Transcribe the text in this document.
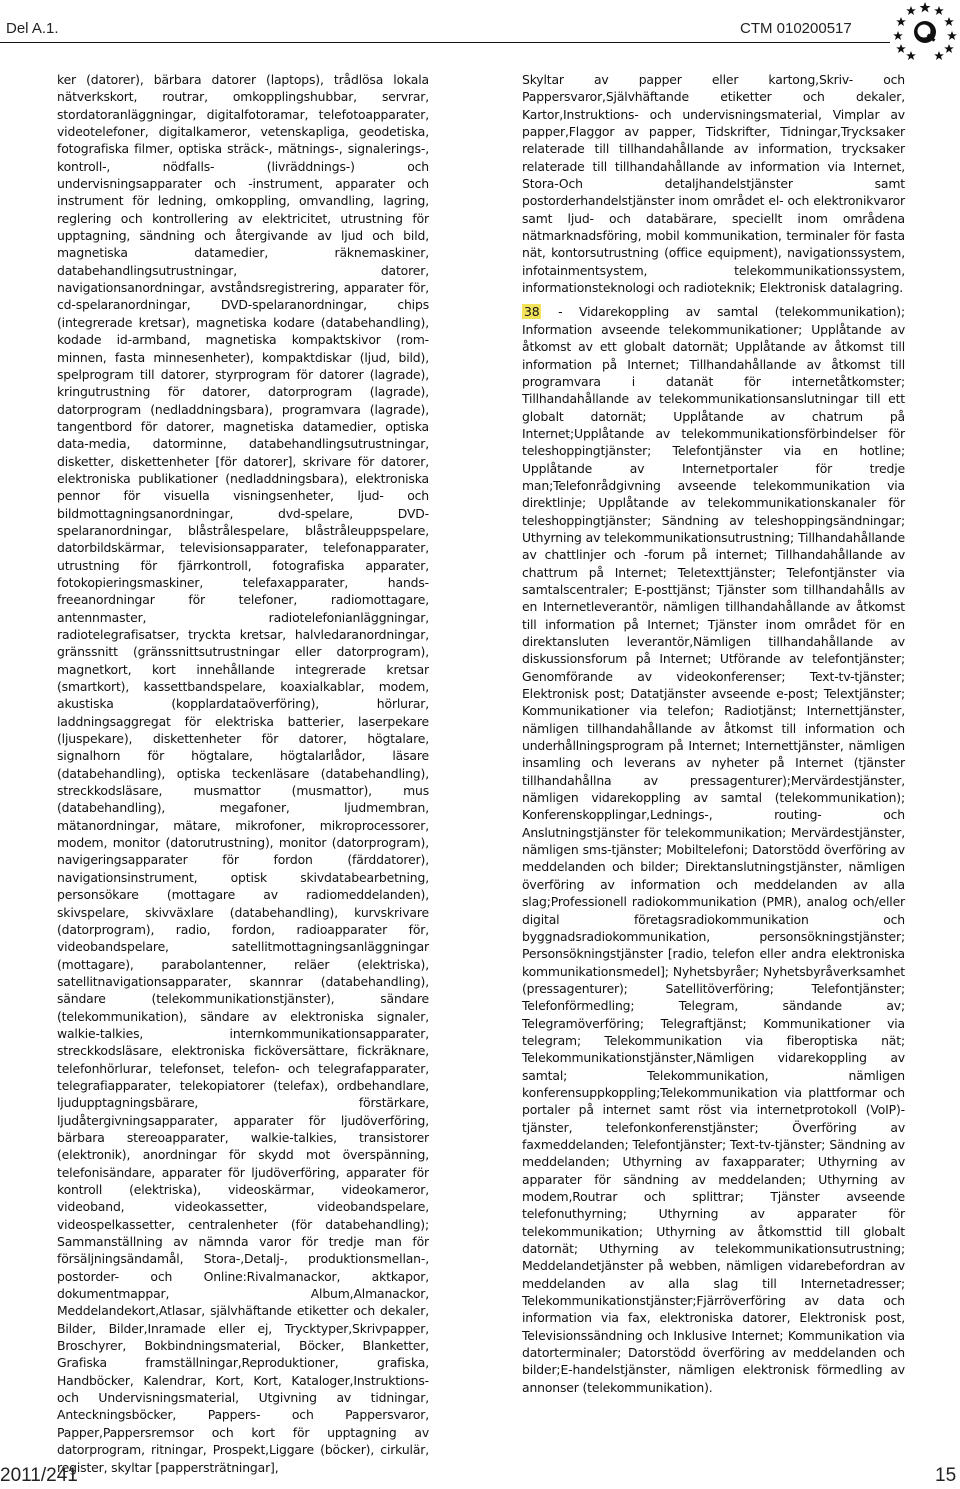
Del A.1.	CTM 010200517

ker (datorer), bärbara datorer (laptops), trådlösa lokala nätverkskort, routrar, omkopplingshubbar, servrar, stordatoranläggningar, digitalfotoramar, telefotoapparater, videotelefoner, digitalkameror, vetenskapliga, geodetiska, fotografiska filmer, optiska sträck-, mätnings-, signalerings-, kontroll-, nödfalls- (livräddnings-) och undervisningsapparater och -instrument, apparater och instrument för ledning, omkoppling, omvandling, lagring, reglering och kontrollering av elektricitet, utrustning för upptagning, sändning och återgivande av ljud och bild, magnetiska datamedier, räknemaskiner, databehandlingsutrustningar, datorer, navigationsanordningar, avståndsregistrering, apparater för, cd-spelaranordningar, DVD-spelaranordningar, chips (integrerade kretsar), magnetiska kodare (databehandling), kodade id-armband, magnetiska kompaktskivor (rom-minnen, fasta minnesenheter), kompaktdiskar (ljud, bild), spelprogram till datorer, styrprogram för datorer (lagrade), kringutrustning för datorer, datorprogram (lagrade), datorprogram (nedladdningsbara), programvara (lagrade), tangentbord för datorer, magnetiska datamedier, optiska data-media, datorminne, databehandlingsutrustningar, disketter, diskettenheter [för datorer], skrivare för datorer, elektroniska publikationer (nedladdningsbara), elektroniska pennor för visuella visningsenheter, ljud- och bildmottagningsanordningar, dvd-spelare, DVD-spelaranordningar, blåstrålespelare, blåstråleuppspelare, datorbildskärmar, televisionsapparater, telefonapparater, utrustning för fjärrkontroll, fotografiska apparater, fotokopieringsmaskiner, telefaxapparater, hands-freeanordningar för telefoner, radiomottagare, antennmaster, radiotelefonianläggningar, radiotelegrafisatser, tryckta kretsar, halvledaranordningar, gränssnitt (gränssnittsutrustningar eller datorprogram), magnetkort, kort innehållande integrerade kretsar (smartkort), kassettbandspelare, koaxialkablar, modem, akustiska (kopplardataöverföring), hörlurar, laddningsaggregat för elektriska batterier, laserpekare (ljuspekare), diskettenheter för datorer, högtalare, signalhorn för högtalare, högtalarlådor, läsare (databehandling), optiska teckenläsare (databehandling), streckkodsläsare, musmattor (musmattor), mus (databehandling), megafoner, ljudmembran, mätanordningar, mätare, mikrofoner, mikroprocessorer, modem, monitor (datorutrustning), monitor (datorprogram), navigeringsapparater för fordon (färddatorer), navigationsinstrument, optisk skivdatabearbetning, personsökare (mottagare av radiomeddelanden), skivspelare, skivväxlare (databehandling), kurvskrivare (datorprogram), radio, fordon, radioapparater för, videobandspelare, satellitmottagningsanläggningar (mottagare), parabolantenner, reläer (elektriska), satellitnavigationsapparater, skannrar (databehandling), sändare (telekommunikationstjänster), sändare (telekommunikation), sändare av elektroniska signaler, walkie-talkies, internkommunikationsapparater, streckkodsläsare, elektroniska ficköversättare, fickräknare, telefonhörlurar, telefonset, telefon- och telegrafapparater, telegrafiapparater, telekopiatorer (telefax), ordbehandlare, ljudupptagningsbärare, förstärkare, ljudåtergivningsapparater, apparater för ljudöverföring, bärbara stereoapparater, walkie-talkies, transistorer (elektronik), anordningar för skydd mot överspänning, telefonisändare, apparater för ljudöverföring, apparater för kontroll (elektriska), videoskärmar, videokameror, videoband, videokassetter, videobandspelare, videospelkassetter, centralenheter (för databehandling); Sammanställning av nämnda varor för tredje man för försäljningsändamål, Stora-,Detalj-, produktionsmellan-, postorder- och Online:Rivalmanackor, aktkapor, dokumentmappar, Album,Almanackor, Meddelandekort,Atlasar, självhäftande etiketter och dekaler, Bilder, Bilder,Inramade eller ej, Trycktyper,Skrivpapper, Broschyrer, Bokbindningsmaterial, Böcker, Blanketter, Grafiska framställningar,Reproduktioner, grafiska, Handböcker, Kalendrar, Kort, Kort, Kataloger,Instruktions- och Undervisningsmaterial, Utgivning av tidningar, Anteckningsböcker, Pappers- och Pappersvaror, Papper,Pappersremsor och kort för upptagning av datorprogram, ritningar, Prospekt,Liggare (böcker), cirkulär, register, skyltar [pappersträtningar],

Skyltar av papper eller kartong,Skriv- och Pappersvaror,Självhäftande etiketter och dekaler, Kartor,Instruktions- och undervisningsmaterial, Vimplar av papper,Flaggor av papper, Tidskrifter, Tidningar,Trycksaker relaterade till tillhandahållande av information, trycksaker relaterade till tillhandahållande av information via Internet, Stora-Och detaljhandelstjänster samt postorderhandelstjänster inom området el- och elektronikvaror samt ljud- och databärare, speciellt inom områdena nätmarknadsföring, mobil kommunikation, terminaler för fasta nät, kontorsutrustning (office equipment), navigationssystem, infotainmentsystem, telekommunikationssystem, informationsteknologi och radioteknik; Elektronisk datalagring.

38 - Vidarekoppling av samtal (telekommunikation); Information avseende telekommunikationer; Upplåtande av åtkomst av ett globalt datornät; Upplåtande av åtkomst till information på Internet; Tillhandahållande av åtkomst till programvara i datanät för internetåtkomster; Tillhandahållande av telekommunikationsanslutningar till ett globalt datornät; Upplåtande av chatrum på Internet;Upplåtande av telekommunikationsförbindelser för teleshoppingtjänster; Telefontjänster via en hotline; Upplåtande av Internetportaler för tredje man;Telefonrådgivning avseende telekommunikation via direktlinje; Upplåtande av telekommunikationskanaler för teleshoppingtjänster; Sändning av teleshoppingsändningar; Uthyrning av telekommunikationsutrustning; Tillhandahållande av chattlinjer och -forum på internet; Tillhandahållande av chattrum på Internet; Teletexttjänster; Telefontjänster via samtalscentraler; E-posttjänst; Tjänster som tillhandahålls av en Internetleverantör, nämligen tillhandahållande av åtkomst till information på Internet; Tjänster inom området för en direktansluten leverantör,Nämligen tillhandahållande av diskussionsforum på Internet; Utförande av telefontjänster; Genomförande av videokonferenser; Text-tv-tjänster; Elektronisk post; Datatjänster avseende e-post; Telextjänster; Kommunikationer via telefon; Radiotjänst; Internettjänster, nämligen tillhandahållande av åtkomst till information och underhållningsprogram på Internet; Internettjänster, nämligen insamling och leverans av nyheter på Internet (tjänster tillhandahållna av pressagenturer);Mervärdestjänster, nämligen vidarekoppling av samtal (telekommunikation); Konferenskopplingar,Lednings-, routing- och Anslutningstjänster för telekommunikation; Mervärdestjänster, nämligen sms-tjänster; Mobiltelefoni; Datorstödd överföring av meddelanden och bilder; Direktanslutningstjänster, nämligen överföring av information och meddelanden av alla slag;Professionell radiokommunikation (PMR), analog och/eller digital företagsradiokommunikation och byggnadsradiokommunikation, personsökningstjänster; Personsökningstjänster [radio, telefon eller andra elektroniska kommunikationsmedel]; Nyhetsbyråer; Nyhetsbyråverksamhet (pressagenturer); Satellitöverföring; Telefontjänster; Telefonförmedling; Telegram, sändande av; Telegramöverföring; Telegraftjänst; Kommunikationer via telegram; Telekommunikation via fiberoptiska nät; Telekommunikationstjänster,Nämligen vidarekoppling av samtal; Telekommunikation, nämligen konferensuppkoppling;Telekommunikation via plattformar och portaler på internet samt röst via internetprotokoll (VoIP)-tjänster, telefonkonferenstjänster; Överföring av faxmeddelanden; Telefontjänster; Text-tv-tjänster; Sändning av meddelanden; Uthyrning av faxapparater; Uthyrning av apparater för sändning av meddelanden; Uthyrning av modem,Routrar och splittrar; Tjänster avseende telefonuthyrning; Uthyrning av apparater för telekommunikation; Uthyrning av åtkomsttid till globalt datornät; Uthyrning av telekommunikationsutrustning; Meddelandetjänster på webben, nämligen vidarebefordran av meddelanden av alla slag till Internetadresser; Telekommunikationstjänster;Fjärröverföring av data och information via fax, elektroniska datorer, Elektronisk post, Televisionssändning och Inklusive Internet; Kommunikation via datorterminaler; Datorstödd överföring av meddelanden och bilder;E-handelstjänster, nämligen elektronisk förmedling av annonser (telekommunikation).

2011/241	15
